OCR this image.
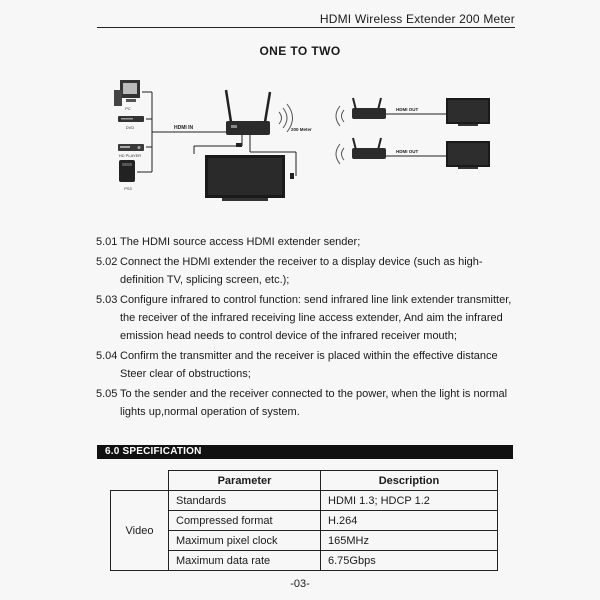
HDMI Wireless Extender 200 Meter
ONE TO TWO
PC
DVD
HD PLAYER
PS3
HDMI IN	200 Meter
HDMI OUT
HDMI OUT
5.01 The HDMI source access HDMI extender sender;
5.02 Connect the HDMI extender the receiver to a display device (such as high-definition TV, splicing screen, etc.);
5.03 Configure infrared to control function: send infrared line link extender transmitter, the receiver of the infrared receiving line access extender, And aim the infrared emission head needs to control device of the infrared receiver mouth;
5.04 Confirm the transmitter and the receiver is placed within the effective distance Steer clear of obstructions;
5.05 To the sender and the receiver connected to the power, when the light is normal lights up,normal operation of system.
6.0 SPECIFICATION
	Parameter	Description
Video	Standards	HDMI 1.3; HDCP 1.2
	Compressed format	H.264
	Maximum pixel clock	165MHz
	Maximum data rate	6.75Gbps
-03-
